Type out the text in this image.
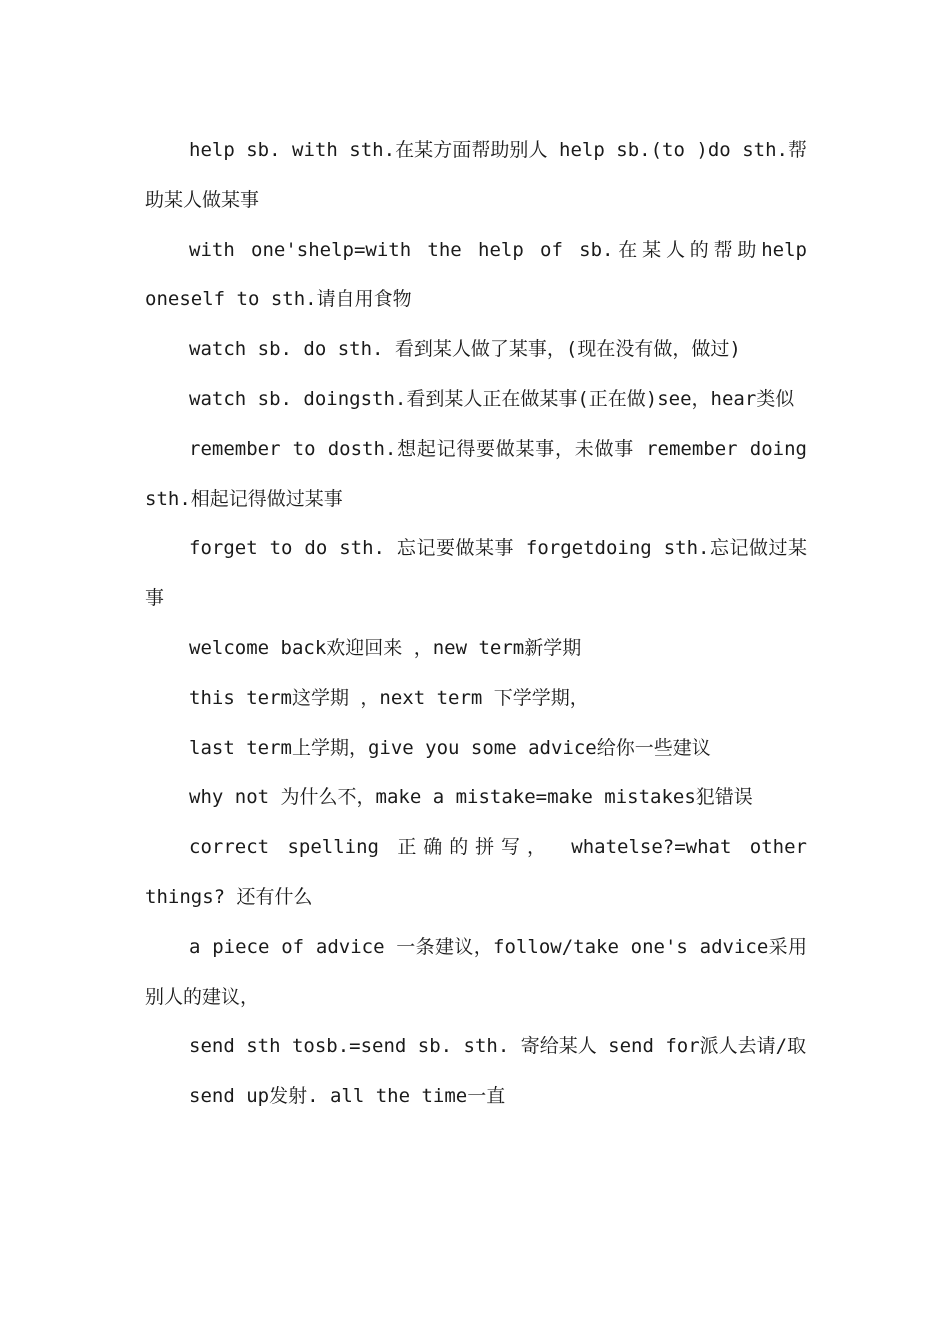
help sb. with sth.在某方面帮助别人 help sb.(to )do sth.帮助某人做某事

with one'shelp=with the help of sb.在某人的帮助help oneself to sth.请自用食物

watch sb. do sth. 看到某人做了某事，(现在没有做，做过)

watch sb. doingsth.看到某人正在做某事(正在做)see，hear类似

remember to dosth.想起记得要做某事，未做事 remember doing sth.相起记得做过某事

forget to do sth. 忘记要做某事 forgetdoing sth.忘记做过某事

welcome back欢迎回来 ，new term新学期

this term这学期 ，next term 下学学期，

last term上学期，give you some advice给你一些建议

why not 为什么不，make a mistake=make mistakes犯错误

correct spelling 正确的拼写， whatelse?=what other things? 还有什么

a piece of advice 一条建议，follow/take one's advice采用别人的建议，

send sth tosb.=send sb. sth. 寄给某人 send for派人去请/取

send up发射. all the time一直
